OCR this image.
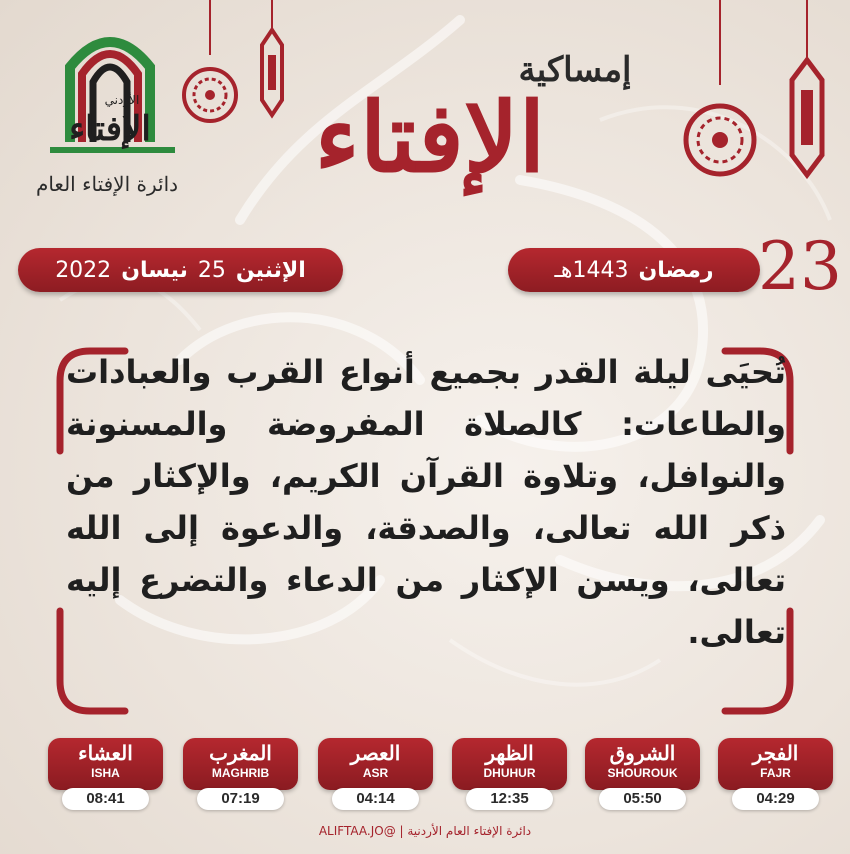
الإفتاء
الأردني
دائرة الإفتاء العام
إمساكية
الإفتاء
الإثنين
25
نيسان
2022	رمضان
1443هـ 23
تُحيَى ليلة القدر بجميع أنواع القرب والعبادات والطاعات: كالصلاة المفروضة والمسنونة والنوافل، وتلاوة القرآن الكريم، والإكثار من ذكر الله تعالى، والصدقة، والدعوة إلى الله تعالى، ويسن الإكثار من الدعاء والتضرع إليه تعالى.
العشاء
ISHA
08:41
المغرب
MAGHRIB
07:19
العصر
ASR
04:14
الظهر
DHUHUR
12:35
الشروق
SHOUROUK
05:50
الفجر
FAJR
04:29
دائرة الإفتاء العام الأردنية | @ALIFTAA.JO
